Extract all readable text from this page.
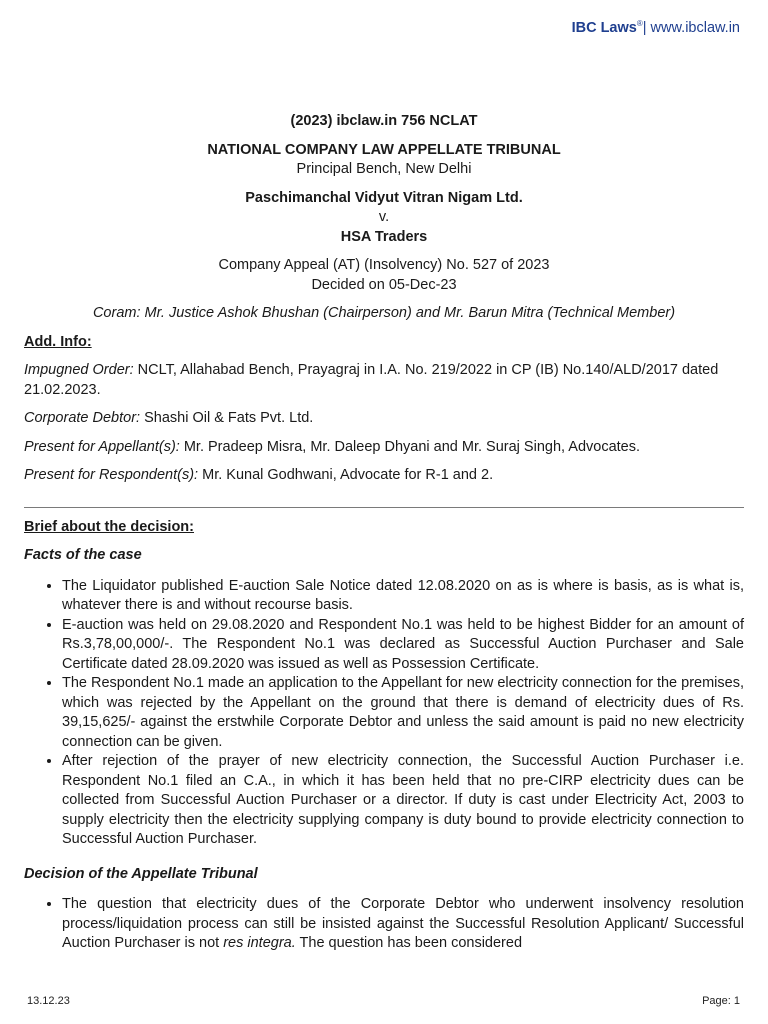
IBC Laws®| www.ibclaw.in
(2023) ibclaw.in 756 NCLAT
NATIONAL COMPANY LAW APPELLATE TRIBUNAL
Principal Bench, New Delhi
Paschimanchal Vidyut Vitran Nigam Ltd.
v.
HSA Traders
Company Appeal (AT) (Insolvency) No. 527 of 2023
Decided on 05-Dec-23
Coram: Mr. Justice Ashok Bhushan (Chairperson) and Mr. Barun Mitra (Technical Member)
Add. Info:
Impugned Order: NCLT, Allahabad Bench, Prayagraj in I.A. No. 219/2022 in CP (IB) No.140/ALD/2017 dated 21.02.2023.
Corporate Debtor: Shashi Oil & Fats Pvt. Ltd.
Present for Appellant(s): Mr. Pradeep Misra, Mr. Daleep Dhyani and Mr. Suraj Singh, Advocates.
Present for Respondent(s): Mr. Kunal Godhwani, Advocate for R-1 and 2.
Brief about the decision:
Facts of the case
• The Liquidator published E-auction Sale Notice dated 12.08.2020 on as is where is basis, as is what is, whatever there is and without recourse basis.
• E-auction was held on 29.08.2020 and Respondent No.1 was held to be highest Bidder for an amount of Rs.3,78,00,000/-. The Respondent No.1 was declared as Successful Auction Purchaser and Sale Certificate dated 28.09.2020 was issued as well as Possession Certificate.
• The Respondent No.1 made an application to the Appellant for new electricity connection for the premises, which was rejected by the Appellant on the ground that there is demand of electricity dues of Rs. 39,15,625/- against the erstwhile Corporate Debtor and unless the said amount is paid no new electricity connection can be given.
• After rejection of the prayer of new electricity connection, the Successful Auction Purchaser i.e. Respondent No.1 filed an C.A., in which it has been held that no pre-CIRP electricity dues can be collected from Successful Auction Purchaser or a director. If duty is cast under Electricity Act, 2003 to supply electricity then the electricity supplying company is duty bound to provide electricity connection to Successful Auction Purchaser.
Decision of the Appellate Tribunal
• The question that electricity dues of the Corporate Debtor who underwent insolvency resolution process/liquidation process can still be insisted against the Successful Resolution Applicant/ Successful Auction Purchaser is not res integra. The question has been considered
13.12.23	Page: 1
